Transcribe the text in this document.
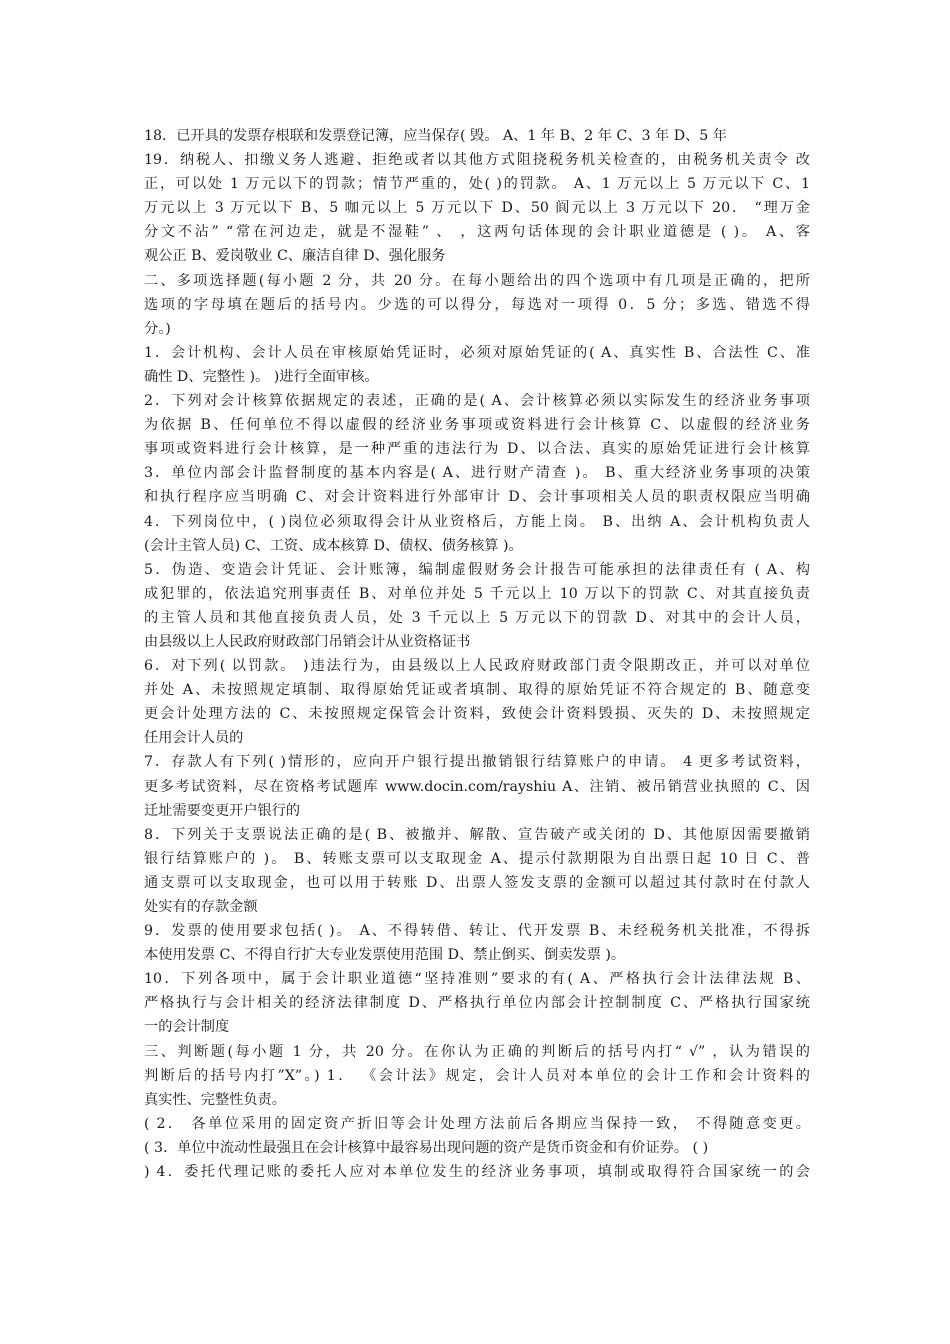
18．已开具的发票存根联和发票登记簿，应当保存( 毁。 A、1 年 B、2 年 C、3 年 D、5 年
19．纳税人、扣缴义务人逃避、拒绝或者以其他方式阻挠税务机关检查的，由税务机关责令 改
正，可以处 1 万元以下的罚款；情节严重的，处( )的罚款。 A、1 万元以上 5 万元以下 C、1
万元以上 3 万元以下 B、5 咖元以上 5 万元以下 D、50 阆元以上 3 万元以下 20． “理万金
分文不沾” “常在河边走，就是不湿鞋” 、 ，这两句话体现的会计职业道德是 ( )。 A、客
观公正 B、爱岗敬业 C、廉洁自律 D、强化服务
二、多项选择题(每小题 2 分，共 20 分。在每小题给出的四个选项中有几项是正确的，把所
选项的字母填在题后的括号内。少选的可以得分，每选对一项得 0．5 分；多选、错选不得
分。)
1．会计机构、会计人员在审核原始凭证时，必须对原始凭证的( A、真实性 B、合法性 C、准
确性 D、完整性 )。 )进行全面审核。
2．下列对会计核算依据规定的表述，正确的是( A、会计核算必须以实际发生的经济业务事项
为依据 B、任何单位不得以虚假的经济业务事项或资料进行会计核算 C、以虚假的经济业务
事项或资料进行会计核算，是一种严重的违法行为 D、以合法、真实的原始凭证进行会计核算
3．单位内部会计监督制度的基本内容是( A、进行财产清查 )。 B、重大经济业务事项的决策
和执行程序应当明确 C、对会计资料进行外部审计 D、会计事项相关人员的职责权限应当明确
4．下列岗位中，( )岗位必须取得会计从业资格后，方能上岗。 B、出纳 A、会计机构负责人
(会计主管人员) C、工资、成本核算 D、债权、债务核算 )。
5．伪造、变造会计凭证、会计账簿，编制虚假财务会计报告可能承担的法律责任有 ( A、构
成犯罪的，依法追究刑事责任 B、对单位并处 5 千元以上 10 万以下的罚款 C、对其直接负责
的主管人员和其他直接负责人员，处 3 千元以上 5 万元以下的罚款 D、对其中的会计人员，
由县级以上人民政府财政部门吊销会计从业资格证书
6．对下列( 以罚款。 )违法行为，由县级以上人民政府财政部门责令限期改正，并可以对单位
并处 A、未按照规定填制、取得原始凭证或者填制、取得的原始凭证不符合规定的 B、随意变
更会计处理方法的 C、未按照规定保管会计资料，致使会计资料毁损、灭失的 D、未按照规定
任用会计人员的
7．存款人有下列( )情形的，应向开户银行提出撤销银行结算账户的申请。 4 更多考试资料，
更多考试资料，尽在资格考试题库 www.docin.com/rayshiu A、注销、被吊销营业执照的 C、因
迁址需要变更开户银行的
8．下列关于支票说法正确的是( B、被撤并、解散、宣告破产或关闭的 D、其他原因需要撤销
银行结算账户的 )。 B、转账支票可以支取现金 A、提示付款期限为自出票日起 10 日 C、普
通支票可以支取现金，也可以用于转账 D、出票人签发支票的金额可以超过其付款时在付款人
处实有的存款金额
9．发票的使用要求包括( )。 A、不得转借、转让、代开发票 B、未经税务机关批准，不得拆
本使用发票 C、不得自行扩大专业发票使用范围 D、禁止倒买、倒卖发票 )。
10．下列各项中，属于会计职业道德“坚持准则”要求的有( A、严格执行会计法律法规 B、
严格执行与会计相关的经济法律制度 D、严格执行单位内部会计控制制度 C、严格执行国家统
一的会计制度
三、判断题(每小题 1 分，共 20 分。在你认为正确的判断后的括号内打“ √” ，认为错误的
判断后的括号内打”X”。) 1． 《会计法》规定，会计人员对本单位的会计工作和会计资料的
真实性、完整性负责。
( 2． 各单位采用的固定资产折旧等会计处理方法前后各期应当保持一致， 不得随意变更。
( 3．单位中流动性最强且在会计核算中最容易出现问题的资产是货币资金和有价证券。 ( )
) 4．委托代理记账的委托人应对本单位发生的经济业务事项，填制或取得符合国家统一的会
